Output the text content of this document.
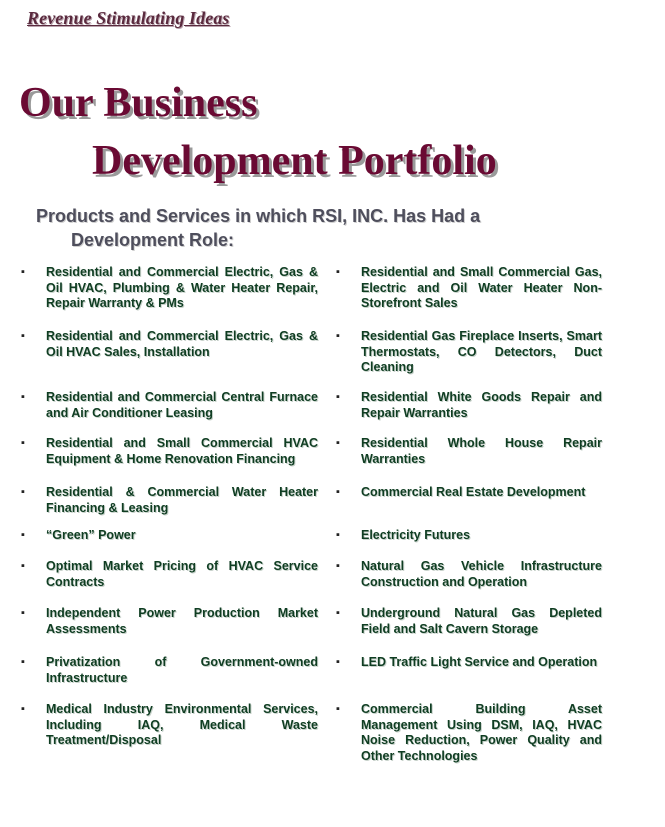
Revenue Stimulating Ideas
Our Business
Development Portfolio
Products and Services in which RSI, INC. Has Had a
Development Role:
▪ Residential and Commercial Electric, Gas & Oil HVAC, Plumbing & Water Heater Repair, Repair Warranty & PMs
▪ Residential and Commercial Electric, Gas & Oil HVAC Sales, Installation
▪ Residential and Commercial Central Furnace and Air Conditioner Leasing
▪ Residential and Small Commercial HVAC Equipment & Home Renovation Financing
▪ Residential & Commercial Water Heater Financing & Leasing
▪ “Green” Power
▪ Optimal Market Pricing of HVAC Service Contracts
▪ Independent Power Production Market Assessments
▪ Privatization of Government-owned Infrastructure
▪ Medical Industry Environmental Services, Including IAQ, Medical Waste Treatment/Disposal
▪ Residential and Small Commercial Gas, Electric and Oil Water Heater Non-Storefront Sales
▪ Residential Gas Fireplace Inserts, Smart Thermostats, CO Detectors, Duct Cleaning
▪ Residential White Goods Repair and Repair Warranties
▪ Residential Whole House Repair Warranties
▪ Commercial Real Estate Development
▪ Electricity Futures
▪ Natural Gas Vehicle Infrastructure Construction and Operation
▪ Underground Natural Gas Depleted Field and Salt Cavern Storage
▪ LED Traffic Light Service and Operation
▪ Commercial Building Asset Management Using DSM, IAQ, HVAC Noise Reduction, Power Quality and Other Technologies
